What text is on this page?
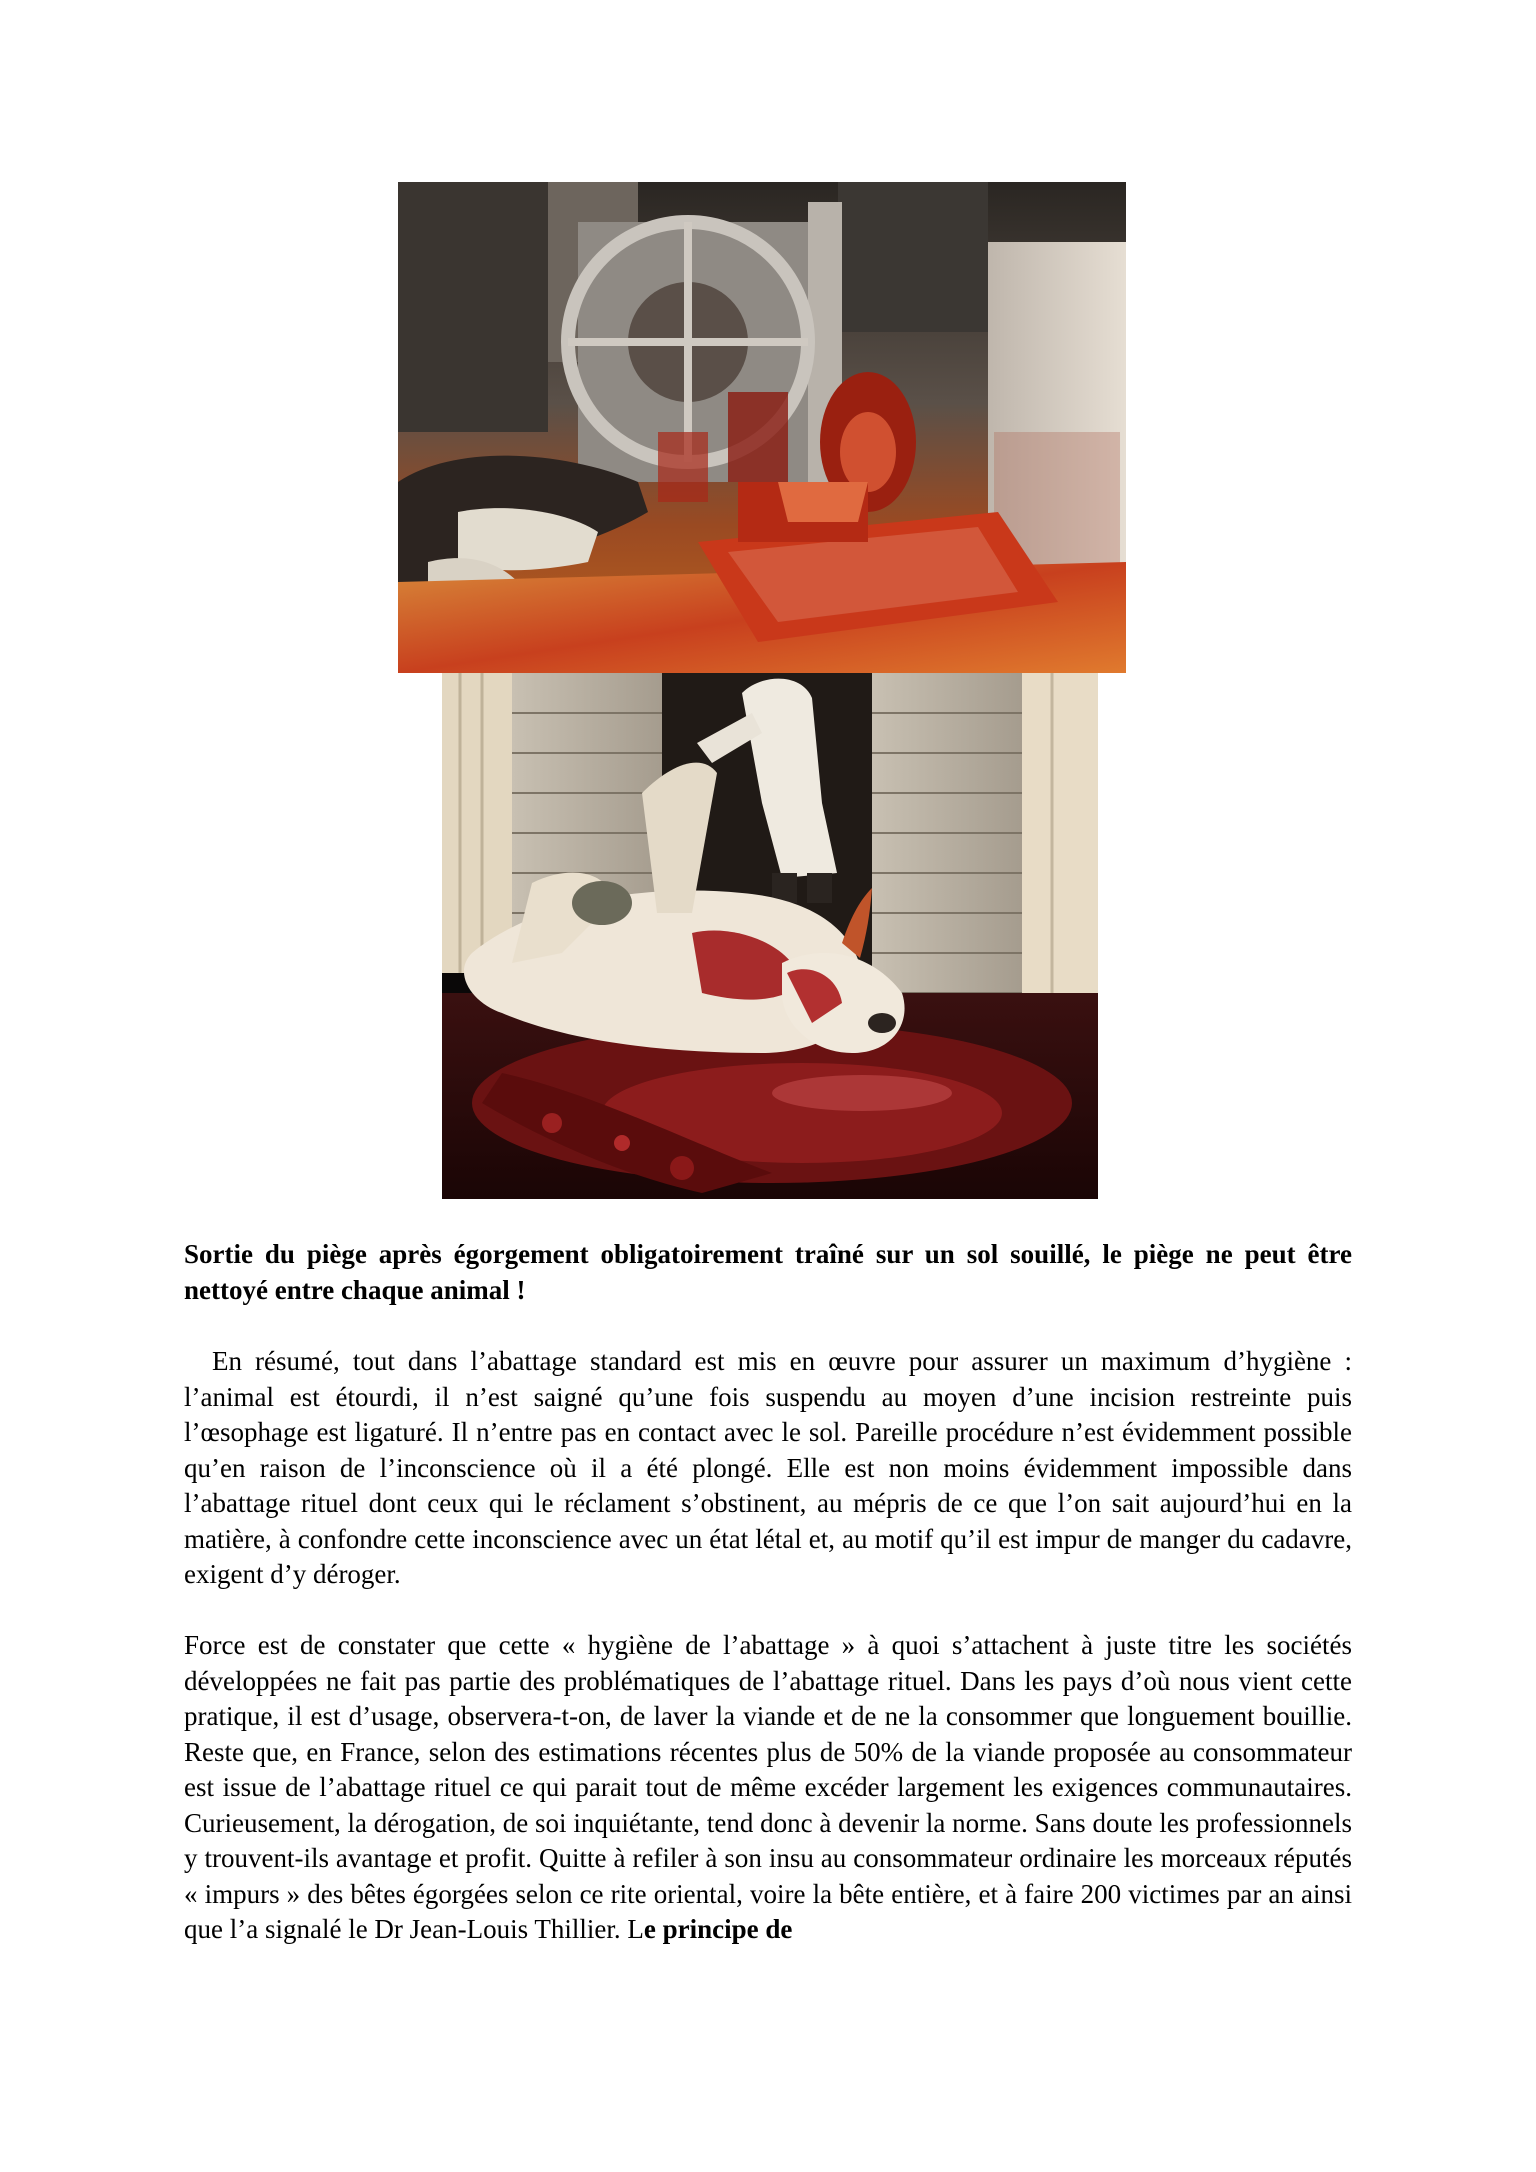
Sortie du piège après égorgement obligatoirement traîné sur un sol souillé, le piège ne peut être nettoyé entre chaque animal !

En résumé, tout dans l’abattage standard est mis en œuvre pour assurer un maximum d’hygiène : l’animal est étourdi, il n’est saigné qu’une fois suspendu au moyen d’une incision restreinte puis l’œsophage est ligaturé. Il n’entre pas en contact avec le sol. Pareille procédure n’est évidemment possible qu’en raison de l’inconscience où il a été plongé. Elle est non moins évidemment impossible dans l’abattage rituel dont ceux qui le réclament s’obstinent, au mépris de ce que l’on sait aujourd’hui en la matière, à confondre cette inconscience avec un état létal et, au motif qu’il est impur de manger du cadavre, exigent d’y déroger.

Force est de constater que cette « hygiène de l’abattage » à quoi s’attachent à juste titre les sociétés développées ne fait pas partie des problématiques de l’abattage rituel. Dans les pays d’où nous vient cette pratique, il est d’usage, observera-t-on, de laver la viande et de ne la consommer que longuement bouillie. Reste que, en France, selon des estimations récentes plus de 50% de la viande proposée au consommateur est issue de l’abattage rituel ce qui parait tout de même excéder largement les exigences communautaires. Curieusement, la dérogation, de soi inquiétante, tend donc à devenir la norme. Sans doute les professionnels y trouvent-ils avantage et profit. Quitte à refiler à son insu au consommateur ordinaire les morceaux réputés « impurs » des bêtes égorgées selon ce rite oriental, voire la bête entière, et à faire 200 victimes par an ainsi que l’a signalé le Dr Jean-Louis Thillier. Le principe de
